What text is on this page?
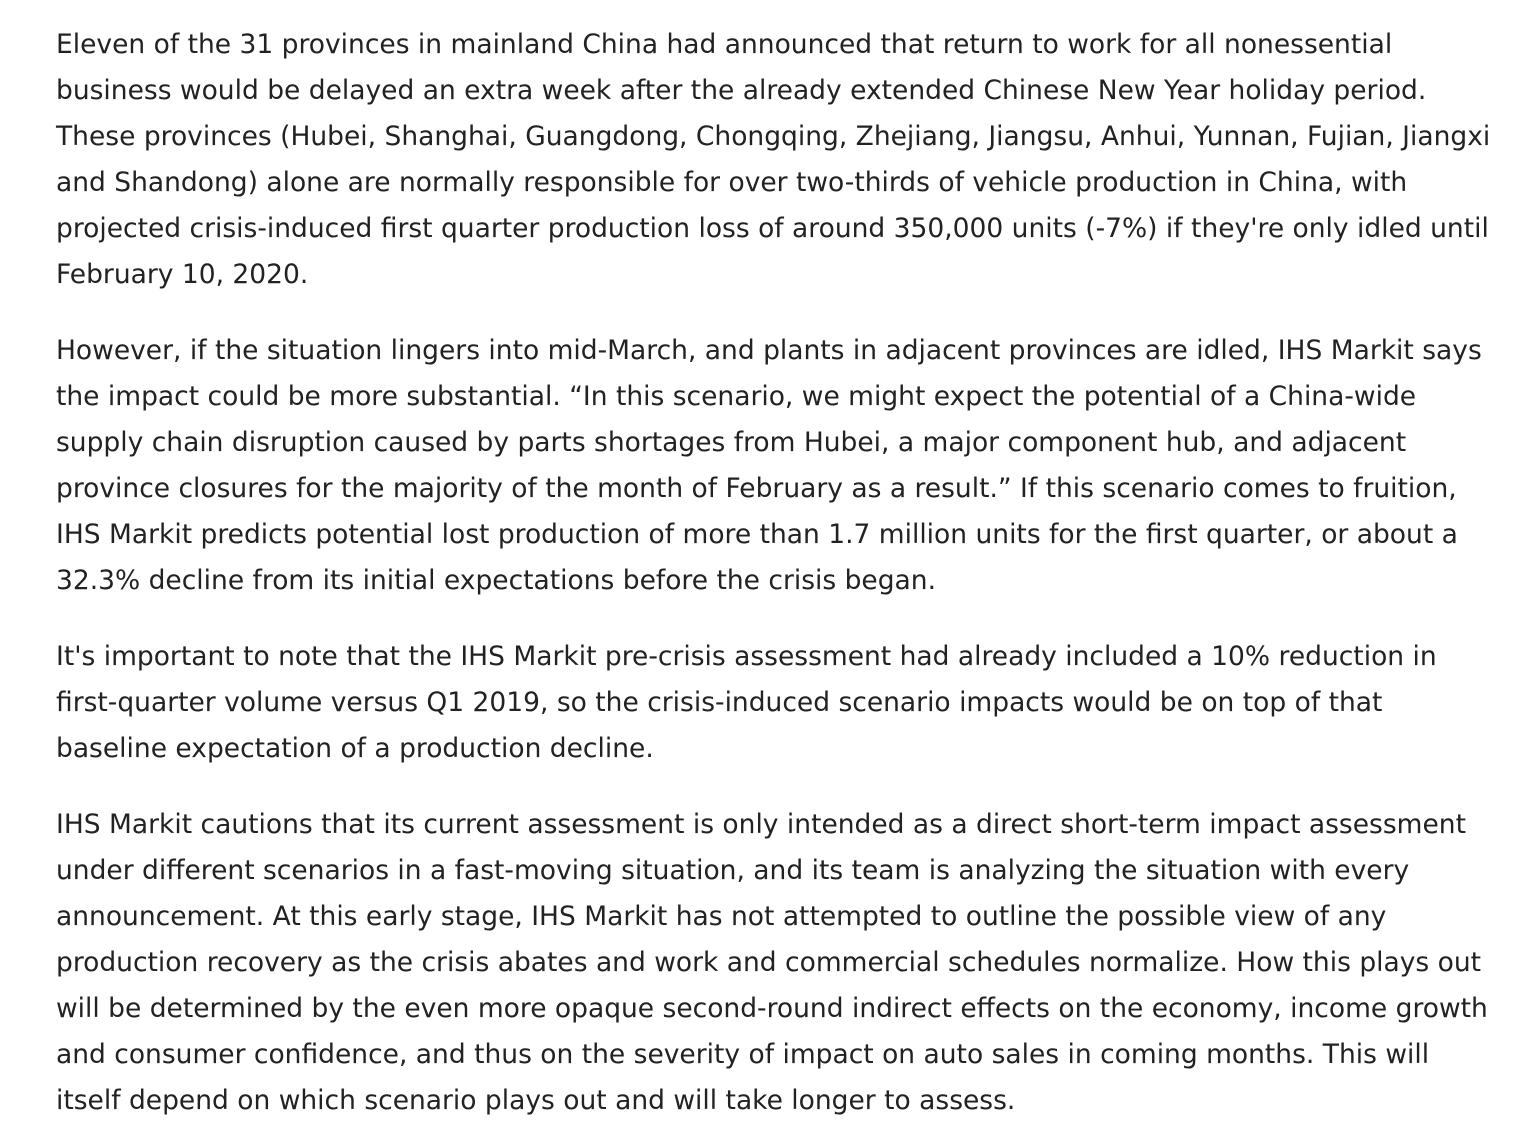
Eleven of the 31 provinces in mainland China had announced that return to work for all nonessential business would be delayed an extra week after the already extended Chinese New Year holiday period. These provinces (Hubei, Shanghai, Guangdong, Chongqing, Zhejiang, Jiangsu, Anhui, Yunnan, Fujian, Jiangxi and Shandong) alone are normally responsible for over two-thirds of vehicle production in China, with projected crisis-induced first quarter production loss of around 350,000 units (-7%) if they're only idled until February 10, 2020.

However, if the situation lingers into mid-March, and plants in adjacent provinces are idled, IHS Markit says the impact could be more substantial. “In this scenario, we might expect the potential of a China-wide supply chain disruption caused by parts shortages from Hubei, a major component hub, and adjacent province closures for the majority of the month of February as a result.” If this scenario comes to fruition, IHS Markit predicts potential lost production of more than 1.7 million units for the first quarter, or about a 32.3% decline from its initial expectations before the crisis began.

It's important to note that the IHS Markit pre-crisis assessment had already included a 10% reduction in first-quarter volume versus Q1 2019, so the crisis-induced scenario impacts would be on top of that baseline expectation of a production decline.

IHS Markit cautions that its current assessment is only intended as a direct short-term impact assessment under different scenarios in a fast-moving situation, and its team is analyzing the situation with every announcement. At this early stage, IHS Markit has not attempted to outline the possible view of any production recovery as the crisis abates and work and commercial schedules normalize. How this plays out will be determined by the even more opaque second-round indirect effects on the economy, income growth and consumer confidence, and thus on the severity of impact on auto sales in coming months. This will itself depend on which scenario plays out and will take longer to assess.
